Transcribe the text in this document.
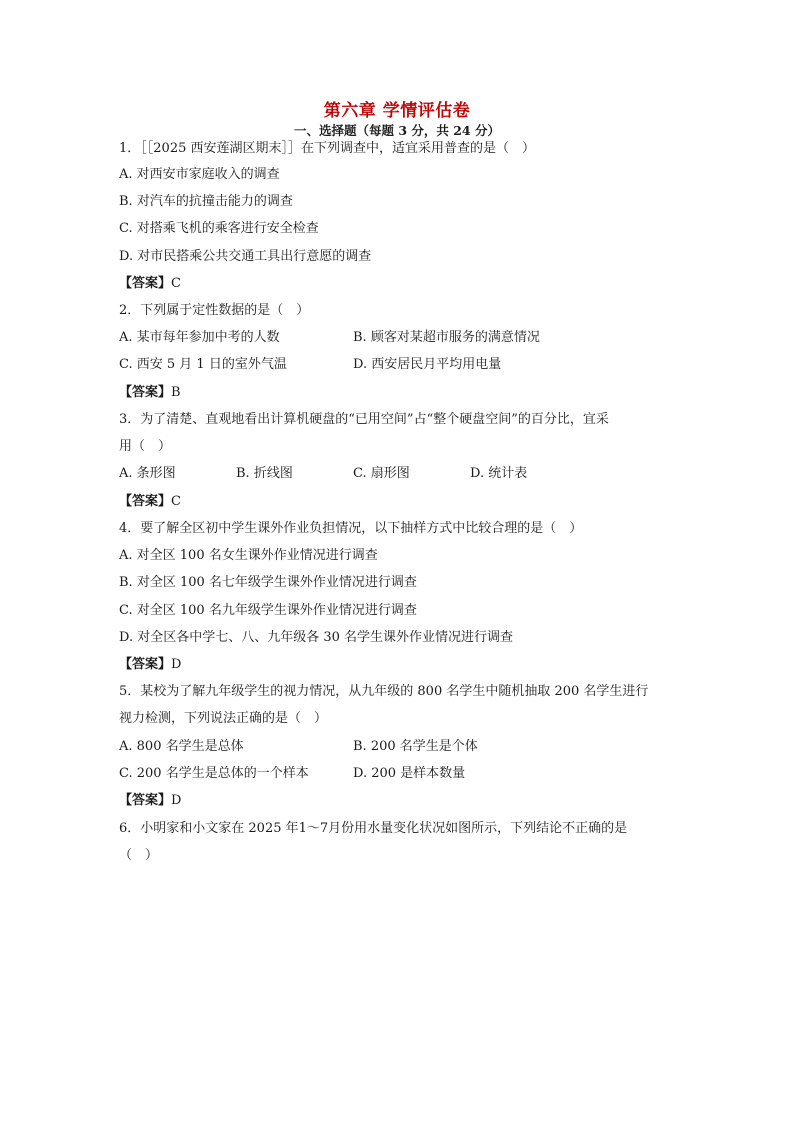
第六章 学情评估卷
一、选择题（每题 3 分，共 24 分）
1．［［2025 西安莲湖区期末］］在下列调查中，适宜采用普查的是（　）
A. 对西安市家庭收入的调查
B. 对汽车的抗撞击能力的调查
C. 对搭乘飞机的乘客进行安全检查
D. 对市民搭乘公共交通工具出行意愿的调查
【答案】C
2．下列属于定性数据的是（　）
A. 某市每年参加中考的人数	B. 顾客对某超市服务的满意情况
C. 西安 5 月 1 日的室外气温	D. 西安居民月平均用电量
【答案】B
3．为了清楚、直观地看出计算机硬盘的“已用空间”占“整个硬盘空间”的百分比，宜采
用（　）
A. 条形图	B. 折线图	C. 扇形图	D. 统计表
【答案】C
4．要了解全区初中学生课外作业负担情况，以下抽样方式中比较合理的是（　）
A. 对全区 100 名女生课外作业情况进行调查
B. 对全区 100 名七年级学生课外作业情况进行调查
C. 对全区 100 名九年级学生课外作业情况进行调查
D. 对全区各中学七、八、九年级各 30 名学生课外作业情况进行调查
【答案】D
5．某校为了解九年级学生的视力情况，从九年级的 800 名学生中随机抽取 200 名学生进行
视力检测，下列说法正确的是（　）
A. 800 名学生是总体	B. 200 名学生是个体
C. 200 名学生是总体的一个样本	D. 200 是样本数量
【答案】D
6．小明家和小文家在 2025 年1～7月份用水量变化状况如图所示，下列结论不正确的是
（　）
